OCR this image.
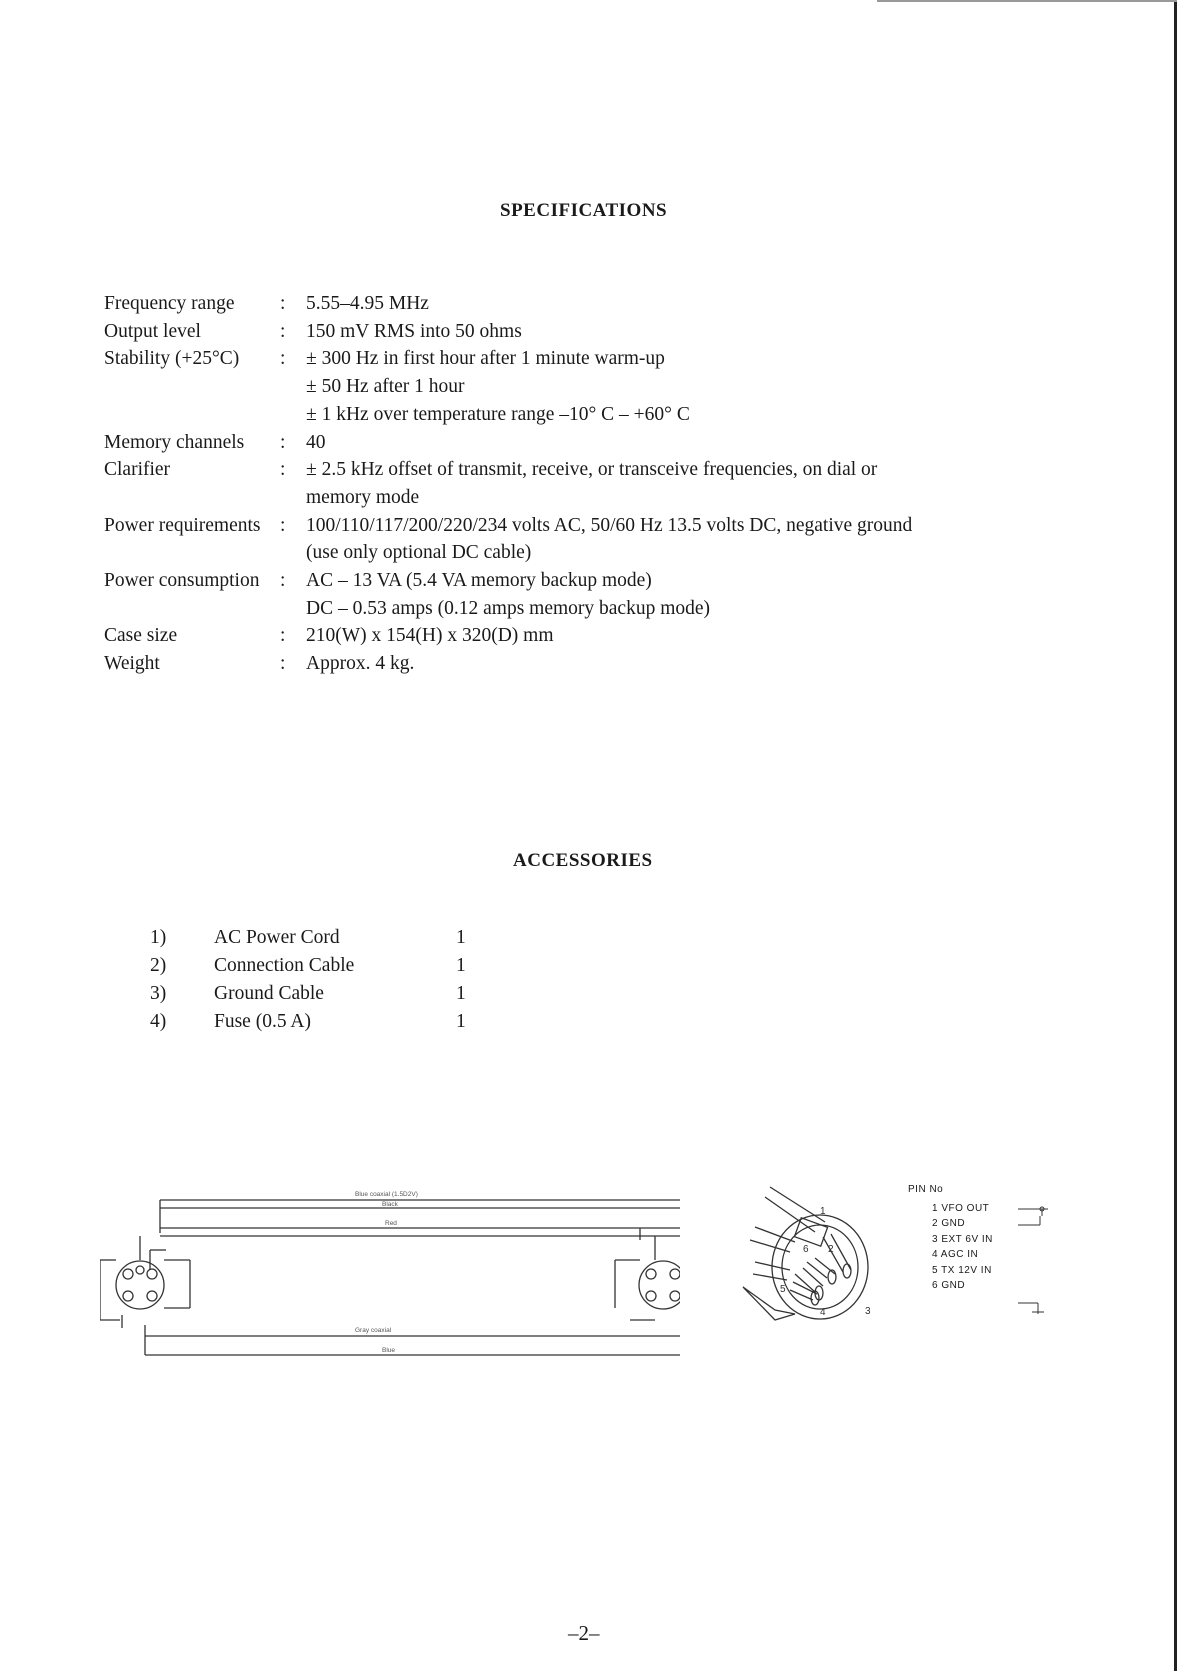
SPECIFICATIONS
Frequency range	:	5.55–4.95 MHz
Output level	:	150 mV RMS into 50 ohms
Stability (+25°C)	:	± 300 Hz in first hour after 1 minute warm-up
± 50 Hz after 1 hour
± 1 kHz over temperature range –10° C – +60° C
Memory channels	:	40
Clarifier	:	± 2.5 kHz offset of transmit, receive, or transceive frequencies, on dial or
memory mode
Power requirements	:	100/110/117/200/220/234 volts AC, 50/60 Hz 13.5 volts DC, negative ground
(use only optional DC cable)
Power consumption	:	AC – 13 VA (5.4 VA memory backup mode)
DC – 0.53 amps (0.12 amps memory backup mode)
Case size	:	210(W) x 154(H) x 320(D) mm
Weight	:	Approx. 4 kg.
ACCESSORIES
1)	AC Power Cord	1
2)	Connection Cable	1
3)	Ground Cable	1
4)	Fuse (0.5 A)	1
Blue coaxial (1.5D2V)
Black
Red
Gray coaxial
Blue
1
2
3
4
5
6
PIN No
1 VFO OUT
2 GND
3 EXT 6V IN
4 AGC IN
5 TX 12V IN
6 GND
–2–
